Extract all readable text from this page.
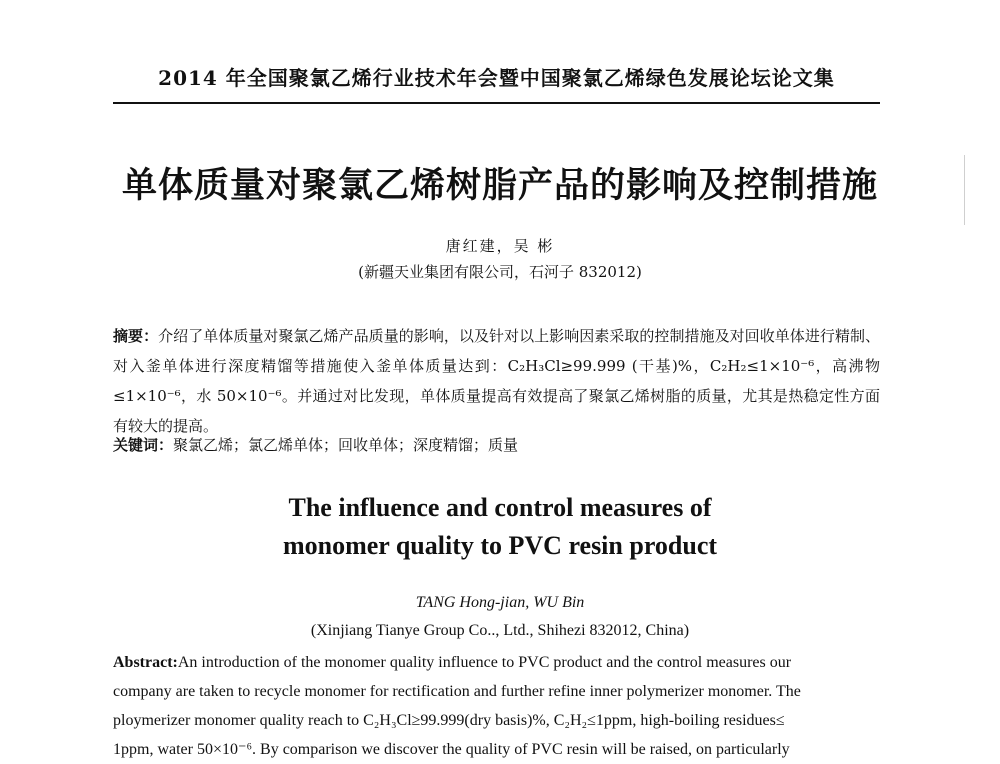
2014 年全国聚氯乙烯行业技术年会暨中国聚氯乙烯绿色发展论坛论文集
单体质量对聚氯乙烯树脂产品的影响及控制措施
唐红建，吴 彬
(新疆天业集团有限公司，石河子 832012)
摘要：介绍了单体质量对聚氯乙烯产品质量的影响，以及针对以上影响因素采取的控制措施及对回收单体进行精制、对入釜单体进行深度精馏等措施使入釜单体质量达到：C₂H₃Cl≥99.999 (干基)%，C₂H₂≤1×10⁻⁶，高沸物≤1×10⁻⁶，水 50×10⁻⁶。并通过对比发现，单体质量提高有效提高了聚氯乙烯树脂的质量，尤其是热稳定性方面有较大的提高。
关键词：聚氯乙烯；氯乙烯单体；回收单体；深度精馏；质量
The influence and control measures of
monomer quality to PVC resin product
TANG Hong-jian, WU Bin
(Xinjiang Tianye Group Co.., Ltd., Shihezi 832012, China)
Abstract:An introduction of the monomer quality influence to PVC product and the control measures our
company are taken to recycle monomer for rectification and further refine inner polymerizer monomer. The
ploymerizer monomer quality reach to C₂H₃Cl≥99.999(dry basis)%, C₂H₂≤1ppm, high-boiling residues≤
1ppm, water 50×10⁻⁶. By comparison we discover the quality of PVC resin will be raised, on particularly
